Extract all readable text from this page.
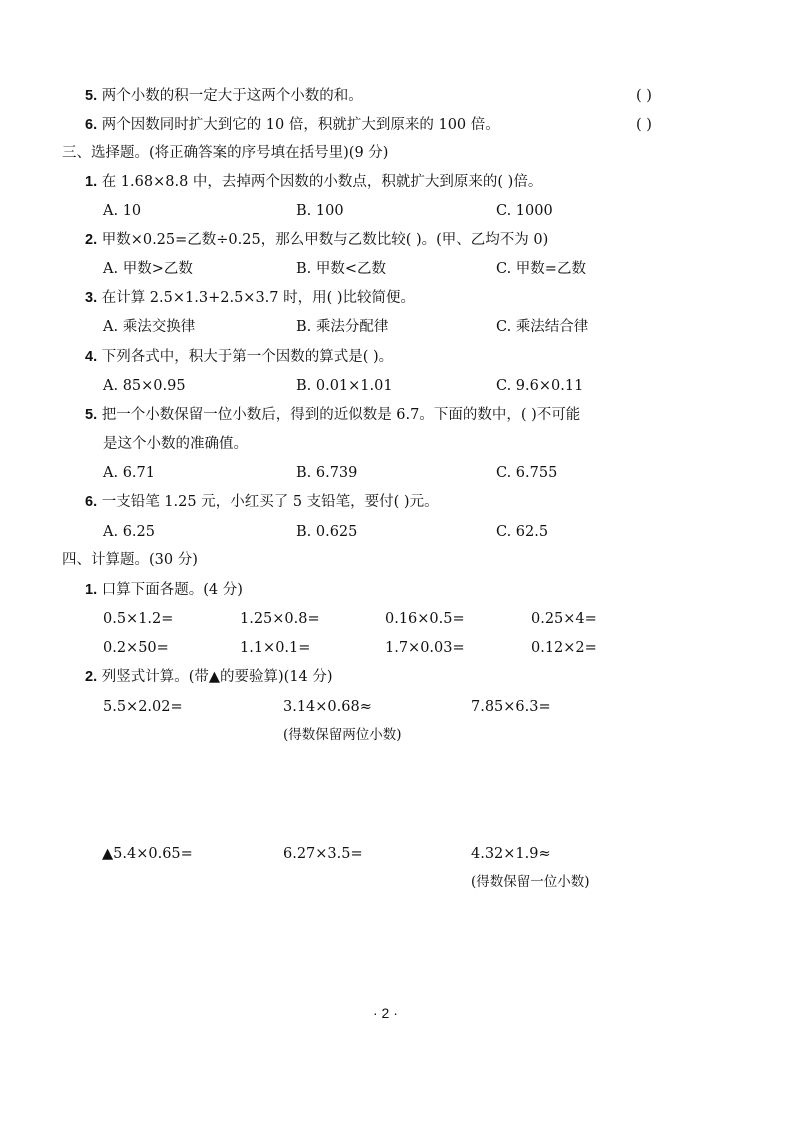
5. 两个小数的积一定大于这两个小数的和。	( )
6. 两个因数同时扩大到它的 10 倍，积就扩大到原来的 100 倍。	( )
三、选择题。(将正确答案的序号填在括号里)(9 分)
1. 在 1.68×8.8 中，去掉两个因数的小数点，积就扩大到原来的( )倍。
A. 10	B. 100	C. 1000
2. 甲数×0.25=乙数÷0.25，那么甲数与乙数比较( )。(甲、乙均不为 0)
A. 甲数>乙数	B. 甲数<乙数	C. 甲数=乙数
3. 在计算 2.5×1.3+2.5×3.7 时，用( )比较简便。
A. 乘法交换律	B. 乘法分配律	C. 乘法结合律
4. 下列各式中，积大于第一个因数的算式是( )。
A. 85×0.95	B. 0.01×1.01	C. 9.6×0.11
5. 把一个小数保留一位小数后，得到的近似数是 6.7。下面的数中，( )不可能
是这个小数的准确值。
A. 6.71	B. 6.739	C. 6.755
6. 一支铅笔 1.25 元，小红买了 5 支铅笔，要付( )元。
A. 6.25	B. 0.625	C. 62.5
四、计算题。(30 分)
1. 口算下面各题。(4 分)
0.5×1.2=	1.25×0.8=	0.16×0.5=	0.25×4=
0.2×50=	1.1×0.1=	1.7×0.03=	0.12×2=
2. 列竖式计算。(带▲的要验算)(14 分)
5.5×2.02=	3.14×0.68≈	7.85×6.3=
(得数保留两位小数)
▲5.4×0.65=	6.27×3.5=	4.32×1.9≈
(得数保留一位小数)
· 2 ·
